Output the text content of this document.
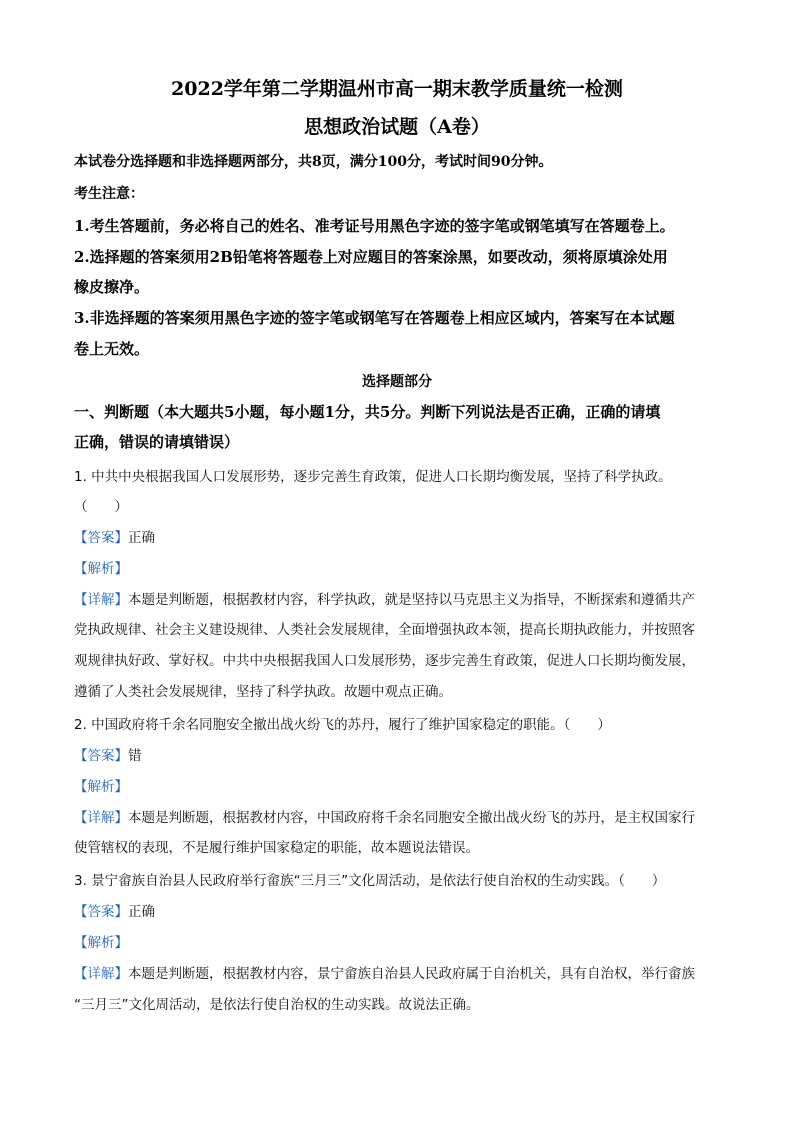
2022学年第二学期温州市高一期末教学质量统一检测
思想政治试题（A卷）
本试卷分选择题和非选择题两部分，共8页，满分100分，考试时间90分钟。
考生注意：
1.考生答题前，务必将自己的姓名、准考证号用黑色字迹的签字笔或钢笔填写在答题卷上。
2.选择题的答案须用2B铅笔将答题卷上对应题目的答案涂黑，如要改动，须将原填涂处用
橡皮擦净。
3.非选择题的答案须用黑色字迹的签字笔或钢笔写在答题卷上相应区域内，答案写在本试题
卷上无效。
选择题部分
一、判断题（本大题共5小题，每小题1分，共5分。判断下列说法是否正确，正确的请填
正确，错误的请填错误）
1. 中共中央根据我国人口发展形势，逐步完善生育政策，促进人口长期均衡发展，坚持了科学执政。
（　　）
【答案】正确
【解析】
【详解】本题是判断题，根据教材内容，科学执政，就是坚持以马克思主义为指导，不断探索和遵循共产
党执政规律、社会主义建设规律、人类社会发展规律，全面增强执政本领，提高长期执政能力，并按照客
观规律执好政、掌好权。中共中央根据我国人口发展形势，逐步完善生育政策，促进人口长期均衡发展，
遵循了人类社会发展规律，坚持了科学执政。故题中观点正确。
2. 中国政府将千余名同胞安全撤出战火纷飞的苏丹，履行了维护国家稳定的职能。（　　）
【答案】错
【解析】
【详解】本题是判断题，根据教材内容，中国政府将千余名同胞安全撤出战火纷飞的苏丹，是主权国家行
使管辖权的表现，不是履行维护国家稳定的职能，故本题说法错误。
3. 景宁畲族自治县人民政府举行畲族“三月三”文化周活动，是依法行使自治权的生动实践。（　　）
【答案】正确
【解析】
【详解】本题是判断题，根据教材内容，景宁畲族自治县人民政府属于自治机关，具有自治权，举行畲族
“三月三”文化周活动，是依法行使自治权的生动实践。故说法正确。
